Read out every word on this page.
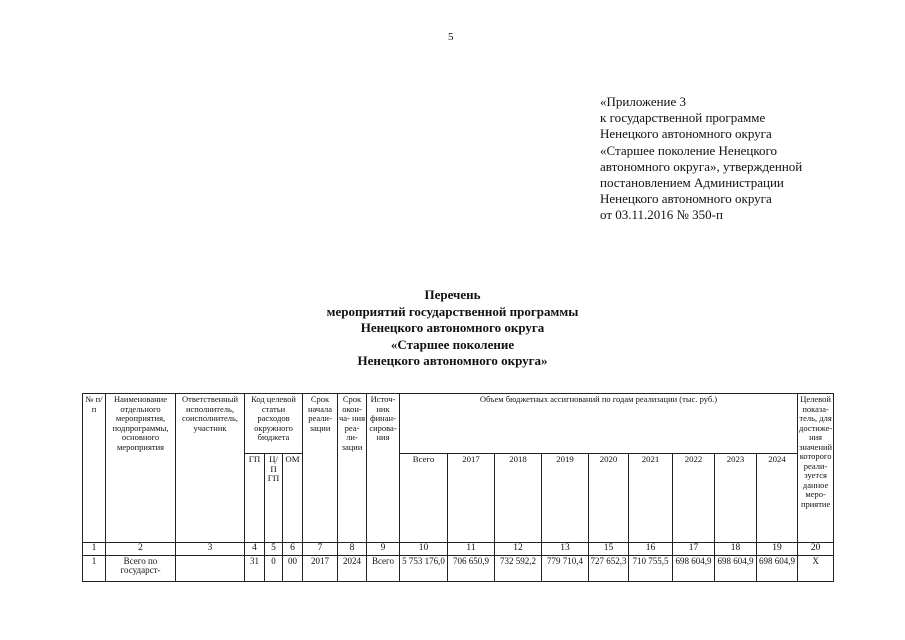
5
«Приложение 3
к государственной программе
Ненецкого автономного округа
«Старшее поколение Ненецкого
автономного округа», утвержденной
постановлением Администрации
Ненецкого автономного округа
от 03.11.2016 № 350-п
Перечень
мероприятий государственной программы
Ненецкого автономного округа
«Старшее поколение
Ненецкого автономного округа»
№ п/п	Наименование отдельного мероприятия, подпрограммы, основного мероприятия	Ответственный исполнитель, соисполнитель, участник	Код целевой статьи расходов окружного бюджета			Срок начала реали- зации	Срок окон- ча- ния реа- ли- зации	Источ- ник финан- сирова- ния	Объем бюджетных ассигнований по годам реализации (тыс. руб.)									Целевой показа- тель, для достиже- ния значений которого реали- зуется данное меро- приятие
			ГП	Ц/П ГП	ОМ				Всего	2017	2018	2019	2020	2021	2022	2023	2024	
1	2	3	4	5	6	7	8	9	10	11	12	13	15	16	17	18	19	20
1	Всего по государст-		31	0	00	2017	2024	Всего	5 753 176,0	706 650,9	732 592,2	779 710,4	727 652,3	710 755,5	698 604,9	698 604,9	698 604,9	Х
